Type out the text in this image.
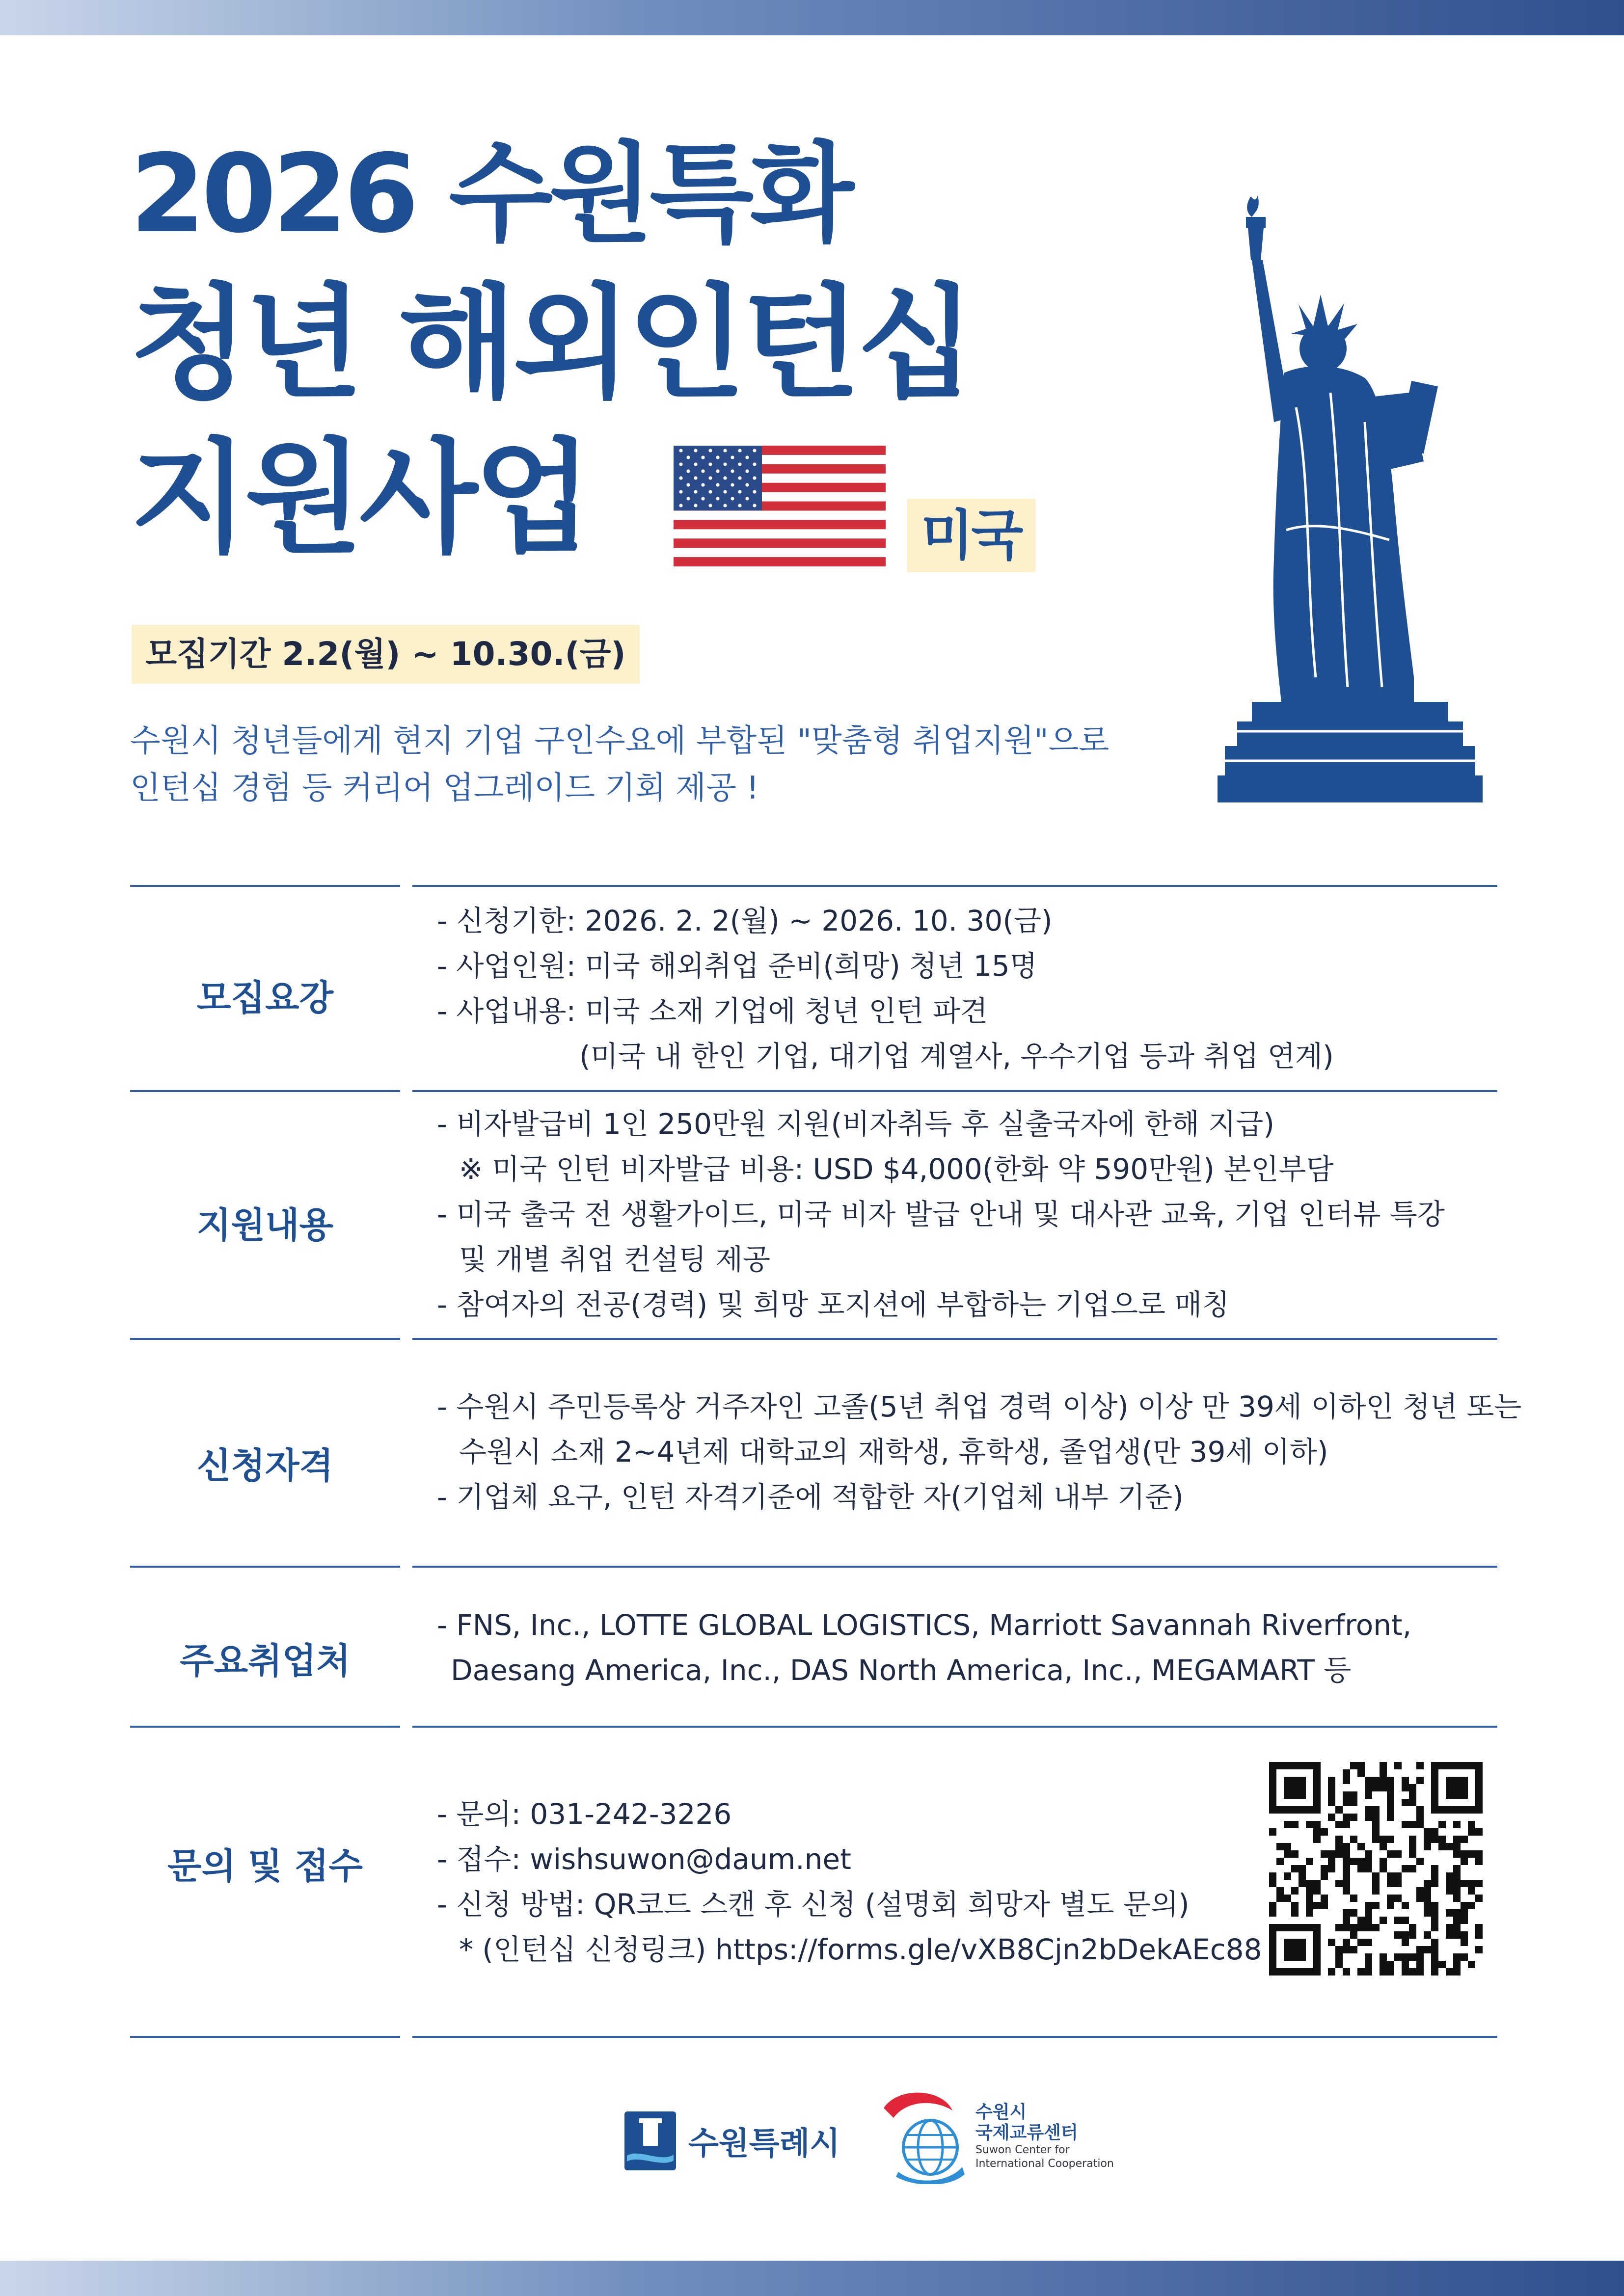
2026 수원특화
청년 해외인턴십
지원사업	미국
모집기간 2.2(월) ~ 10.30.(금)
수원시 청년들에게 현지 기업 구인수요에 부합된 "맞춤형 취업지원"으로
인턴십 경험 등 커리어 업그레이드 기회 제공 !
모집요강
- 신청기한: 2026. 2. 2(월) ~ 2026. 10. 30(금)
- 사업인원: 미국 해외취업 준비(희망) 청년 15명
- 사업내용: 미국 소재 기업에 청년 인턴 파견
(미국 내 한인 기업, 대기업 계열사, 우수기업 등과 취업 연계)
지원내용
- 비자발급비 1인 250만원 지원(비자취득 후 실출국자에 한해 지급)
※ 미국 인턴 비자발급 비용: USD $4,000(한화 약 590만원) 본인부담
- 미국 출국 전 생활가이드, 미국 비자 발급 안내 및 대사관 교육, 기업 인터뷰 특강
및 개별 취업 컨설팅 제공
- 참여자의 전공(경력) 및 희망 포지션에 부합하는 기업으로 매칭
신청자격
- 수원시 주민등록상 거주자인 고졸(5년 취업 경력 이상) 이상 만 39세 이하인 청년 또는
수원시 소재 2~4년제 대학교의 재학생, 휴학생, 졸업생(만 39세 이하)
- 기업체 요구, 인턴 자격기준에 적합한 자(기업체 내부 기준)
주요취업처
- FNS, Inc., LOTTE GLOBAL LOGISTICS, Marriott Savannah Riverfront,
Daesang America, Inc., DAS North America, Inc., MEGAMART 등
문의 및 접수
- 문의: 031-242-3226
- 접수: wishsuwon@daum.net
- 신청 방법: QR코드 스캔 후 신청 (설명회 희망자 별도 문의)
* (인턴십 신청링크) https://forms.gle/vXB8Cjn2bDekAEc88
수원특례시
수원시
국제교류센터
Suwon Center for
International Cooperation
